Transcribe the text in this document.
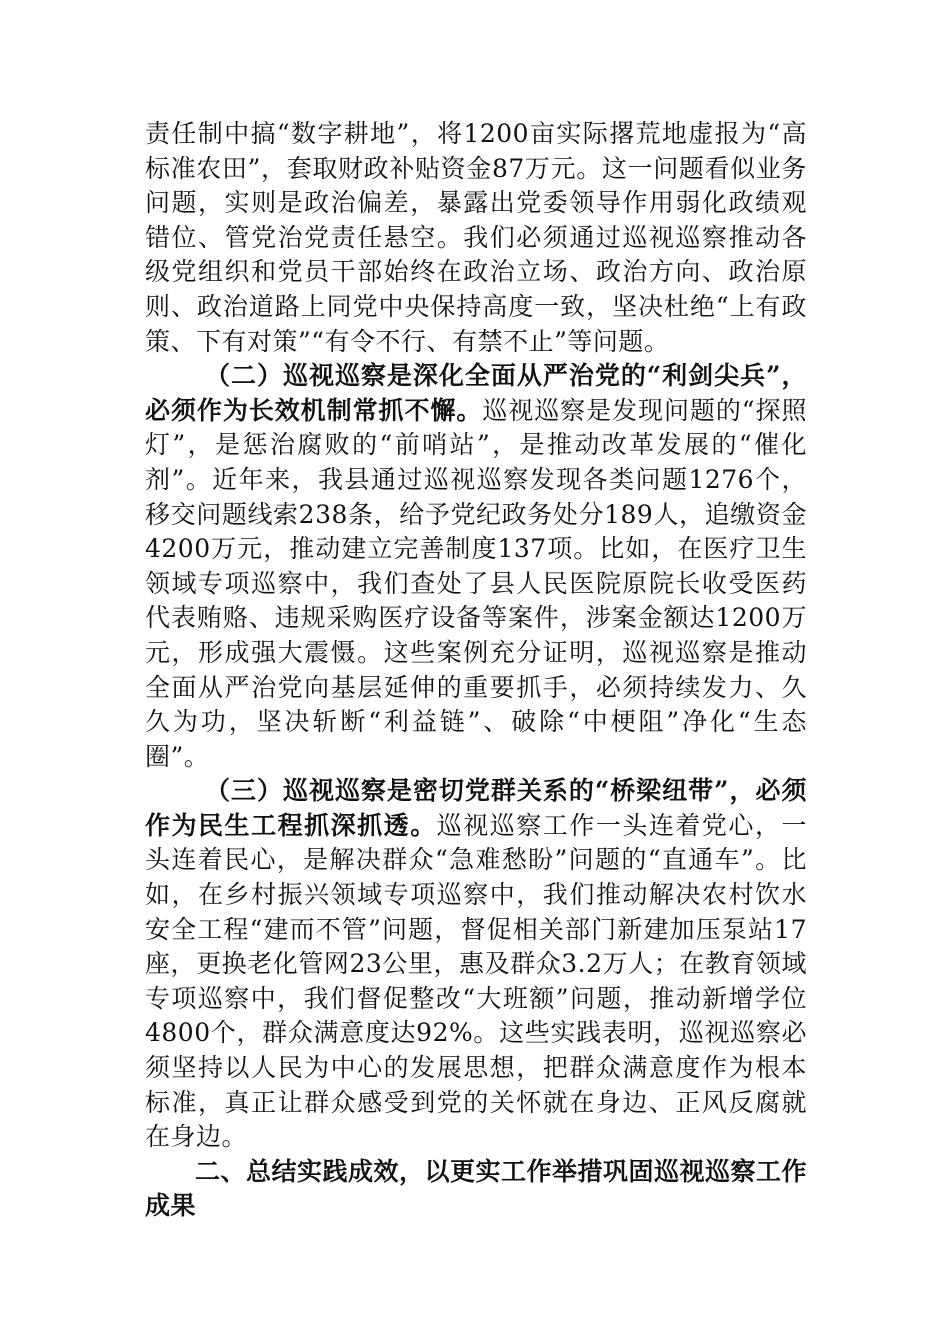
责任制中搞“数字耕地”，将1200亩实际撂荒地虚报为“高标准农田”，套取财政补贴资金87万元。这一问题看似业务问题，实则是政治偏差，暴露出党委领导作用弱化政绩观错位、管党治党责任悬空。我们必须通过巡视巡察推动各级党组织和党员干部始终在政治立场、政治方向、政治原则、政治道路上同党中央保持高度一致，坚决杜绝“上有政策、下有对策”“有令不行、有禁不止”等问题。

（二）巡视巡察是深化全面从严治党的“利剑尖兵”，必须作为长效机制常抓不懈。巡视巡察是发现问题的“探照灯”，是惩治腐败的“前哨站”，是推动改革发展的“催化剂”。近年来，我县通过巡视巡察发现各类问题1276个，移交问题线索238条，给予党纪政务处分189人，追缴资金4200万元，推动建立完善制度137项。比如，在医疗卫生领域专项巡察中，我们查处了县人民医院原院长收受医药代表贿赂、违规采购医疗设备等案件，涉案金额达1200万元，形成强大震慑。这些案例充分证明，巡视巡察是推动全面从严治党向基层延伸的重要抓手，必须持续发力、久久为功，坚决斩断“利益链”、破除“中梗阻”净化“生态圈”。

（三）巡视巡察是密切党群关系的“桥梁纽带”，必须作为民生工程抓深抓透。巡视巡察工作一头连着党心，一头连着民心，是解决群众“急难愁盼”问题的“直通车”。比如，在乡村振兴领域专项巡察中，我们推动解决农村饮水安全工程“建而不管”问题，督促相关部门新建加压泵站17座，更换老化管网23公里，惠及群众3.2万人；在教育领域专项巡察中，我们督促整改“大班额”问题，推动新增学位4800个，群众满意度达92%。这些实践表明，巡视巡察必须坚持以人民为中心的发展思想，把群众满意度作为根本标准，真正让群众感受到党的关怀就在身边、正风反腐就在身边。

二、总结实践成效，以更实工作举措巩固巡视巡察工作成果
